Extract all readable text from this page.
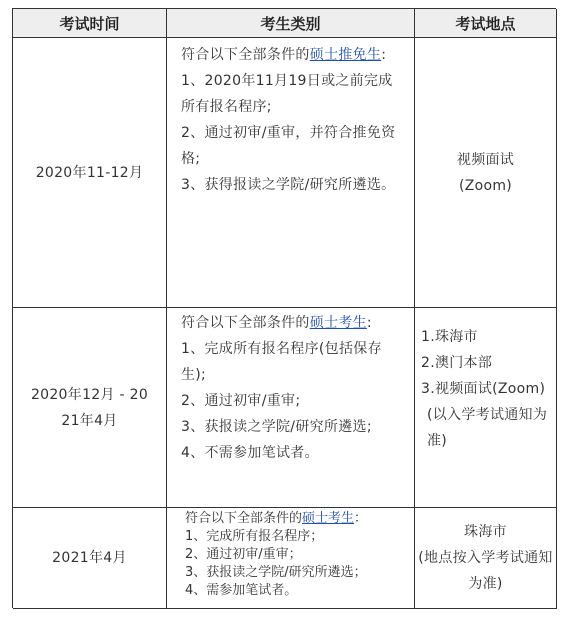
考试时间	考生类别	考试地点
2020年11-12月
符合以下全部条件的硕士推免生:
1、2020年11月19日或之前完成所有报名程序;
2、通过初审/重审，并符合推免资格;
3、获得报读之学院/研究所遴选。
视频面试
(Zoom)
2020年12月 - 20
21年4月
符合以下全部条件的硕士考生:
1、完成所有报名程序(包括保存生);
2、通过初审/重审;
3、获报读之学院/研究所遴选;
4、不需参加笔试者。
1.珠海市
2.澳门本部
3.视频面试(Zoom)
(以入学考试通知为准)
2021年4月
符合以下全部条件的硕士考生：
1、完成所有报名程序；
2、通过初审/重审；
3、获报读之学院/研究所遴选；
4、需参加笔试者。
珠海市
(地点按入学考试通知为准)
